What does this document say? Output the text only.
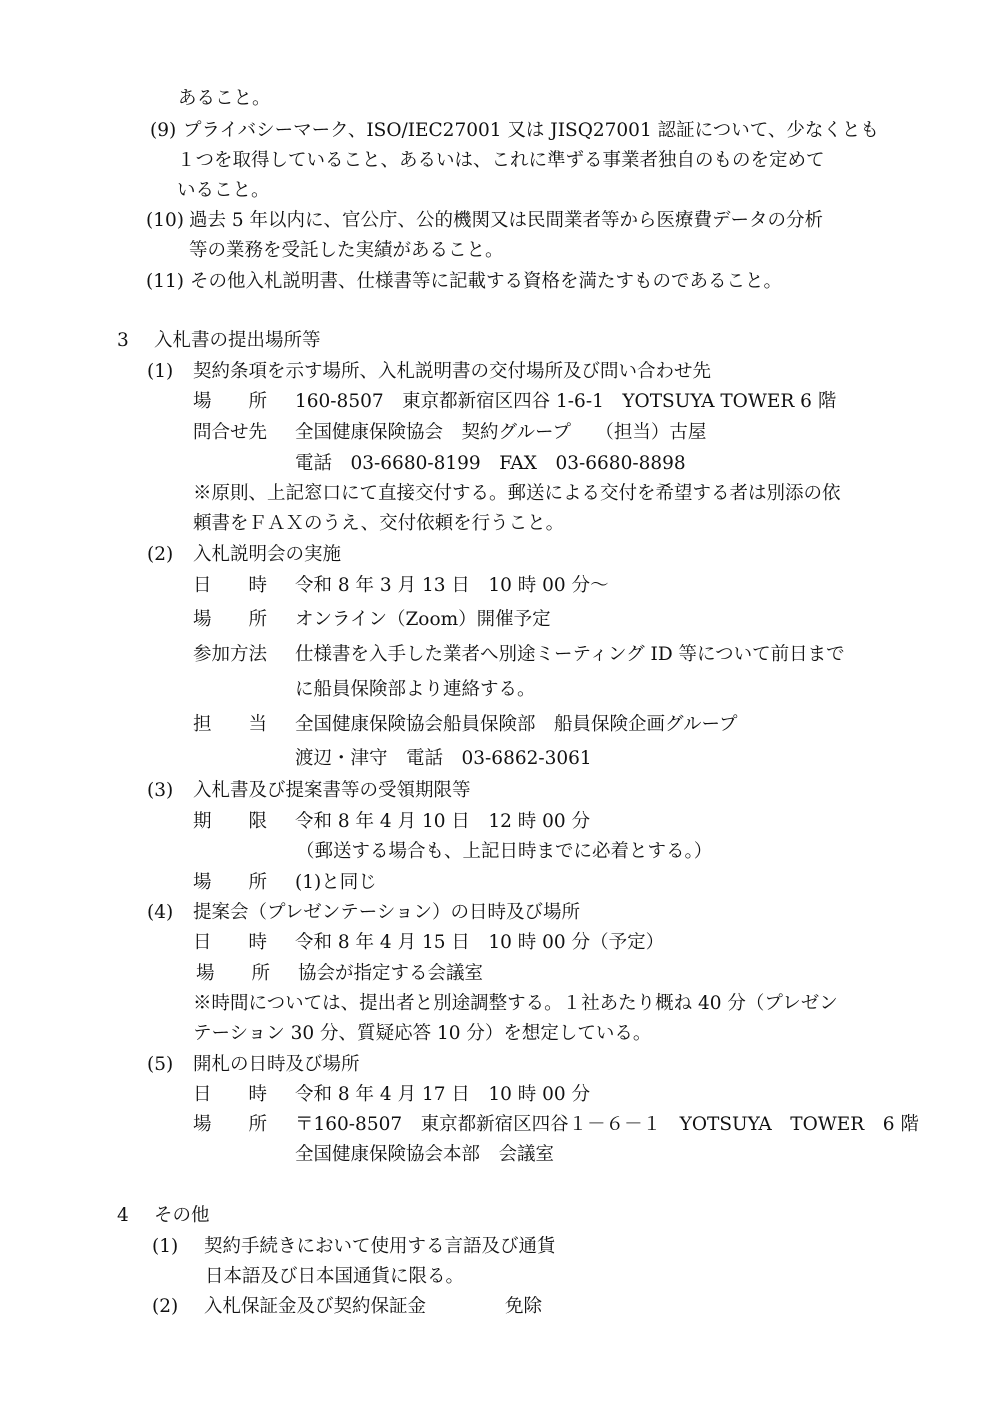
あること。
(9) プライバシーマーク、ISO/IEC27001 又は JISQ27001 認証について、少なくとも
１つを取得していること、あるいは、これに準ずる事業者独自のものを定めて
いること。
(10) 過去 5 年以内に、官公庁、公的機関又は民間業者等から医療費データの分析
等の業務を受託した実績があること。
(11) その他入札説明書、仕様書等に記載する資格を満たすものであること。
3 入札書の提出場所等
(1) 契約条項を示す場所、入札説明書の交付場所及び問い合わせ先
場　　所 160-8507　東京都新宿区四谷 1-6-1　YOTSUYA TOWER 6 階
問合せ先 全国健康保険協会　契約グループ　 （担当）古屋
電話　03-6680-8199　FAX　03-6680-8898
※原則、上記窓口にて直接交付する。郵送による交付を希望する者は別添の依
頼書をＦＡＸのうえ、交付依頼を行うこと。
(2) 入札説明会の実施
日　　時 令和 8 年 3 月 13 日　10 時 00 分～
場　　所 オンライン（Zoom）開催予定
参加方法 仕様書を入手した業者へ別途ミーティング ID 等について前日まで
に船員保険部より連絡する。
担　　当 全国健康保険協会船員保険部　船員保険企画グループ
渡辺・津守　電話　03-6862-3061
(3) 入札書及び提案書等の受領期限等
期　　限 令和 8 年 4 月 10 日　12 時 00 分
（郵送する場合も、上記日時までに必着とする。）
場　　所 (1)と同じ
(4) 提案会（プレゼンテーション）の日時及び場所
日　　時 令和 8 年 4 月 15 日　10 時 00 分（予定）
場　　所 協会が指定する会議室
※時間については、提出者と別途調整する。１社あたり概ね 40 分（プレゼン
テーション 30 分、質疑応答 10 分）を想定している。
(5) 開札の日時及び場所
日　　時 令和 8 年 4 月 17 日　10 時 00 分
場　　所 〒160-8507　東京都新宿区四谷１－６－１　YOTSUYA　TOWER　6 階
全国健康保険協会本部　会議室
4 その他
(1) 契約手続きにおいて使用する言語及び通貨
日本語及び日本国通貨に限る。
(2) 入札保証金及び契約保証金	免除
